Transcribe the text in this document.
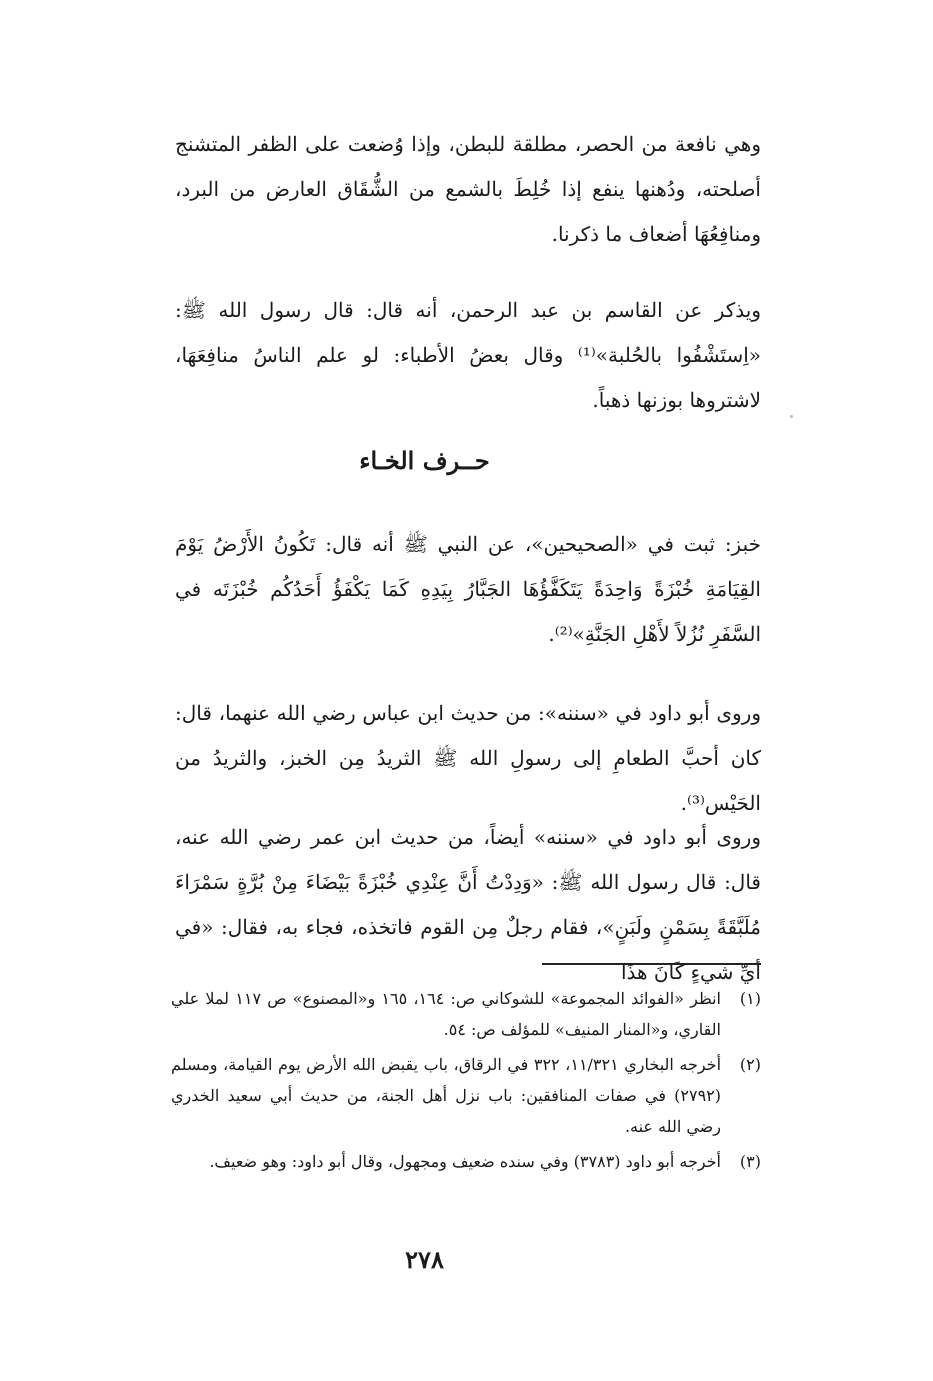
وهي نافعة من الحصر، مطلقة للبطن، وإذا وُضعت على الظفر المتشنج أصلحته، ودُهنها ينفع إذا خُلِطَ بالشمع من الشُّقَاق العارض من البرد، ومنافِعُهَا أضعاف ما ذكرنا.

ويذكر عن القاسم بن عبد الرحمن، أنه قال: قال رسول الله ﷺ: «اِستَشْفُوا بالحُلبة»⁽¹⁾ وقال بعضُ الأطباء: لو علم الناسُ منافِعَهَا، لاشتروها بوزنها ذهباً.

حــرف الخـاء

خبز: ثبت في «الصحيحين»، عن النبي ﷺ أنه قال: تَكُونُ الأَرْضُ يَوْمَ القِيَامَةِ خُبْزَةً وَاحِدَةً يَتَكَفَّؤُهَا الجَبَّارُ بِيَدِهِ كَمَا يَكْفَؤُ أَحَدُكُم خُبْزَتَه في السَّفَرِ نُزُلاً لأَهْلِ الجَنَّةِ»⁽²⁾.

وروى أبو داود في «سننه»: من حديث ابن عباس رضي الله عنهما، قال: كان أحبَّ الطعامِ إلى رسولِ الله ﷺ الثريدُ مِن الخبز، والثريدُ من الحَيْس⁽³⁾.

وروى أبو داود في «سننه» أيضاً، من حديث ابن عمر رضي الله عنه، قال: قال رسول الله ﷺ: «وَدِدْتُ أَنَّ عِنْدِي خُبْزَةً بَيْضَاءَ مِنْ بُرَّةٍ سَمْرَاءَ مُلَبَّقَةً بِسَمْنٍ ولَبَنٍ»، فقام رجلٌ مِن القوم فاتخذه، فجاء به، فقال: «في أيِّ شيءٍ كَانَ هذَا

(١)
انظر «الفوائد المجموعة» للشوكاني ص: ١٦٤، ١٦٥ و«المصنوع» ص ١١٧ لملا علي القاري، و«المنار المنيف» للمؤلف ص: ٥٤.
(٢)
أخرجه البخاري ١١/٣٢١، ٣٢٢ في الرقاق، باب يقبض الله الأرض يوم القيامة، ومسلم (٢٧٩٢) في صفات المنافقين: باب نزل أهل الجنة، من حديث أبي سعيد الخدري رضي الله عنه.
(٣)
أخرجه أبو داود (٣٧٨٣) وفي سنده ضعيف ومجهول، وقال أبو داود: وهو ضعيف.
٢٧٨
